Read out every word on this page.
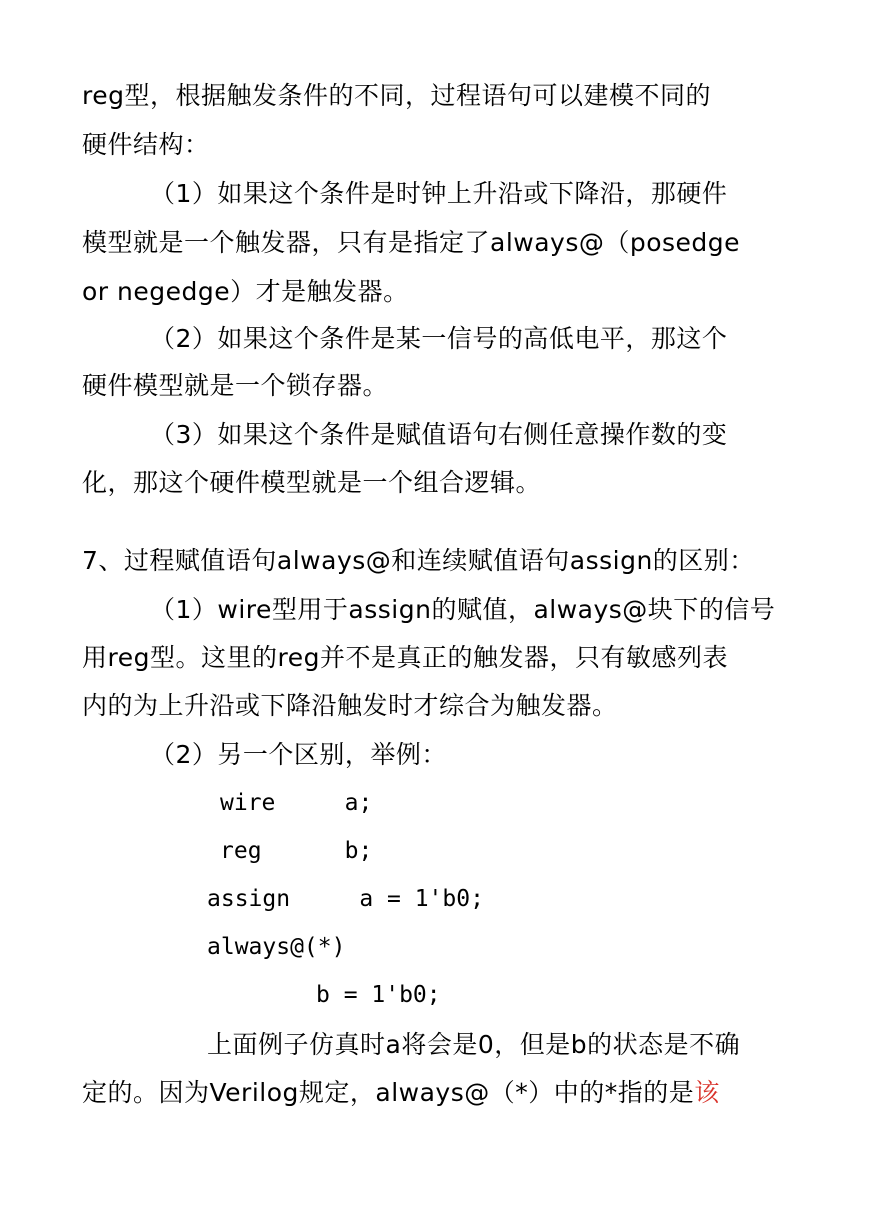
reg型，根据触发条件的不同，过程语句可以建模不同的
硬件结构：
（1）如果这个条件是时钟上升沿或下降沿，那硬件
模型就是一个触发器，只有是指定了always@（posedge
or negedge）才是触发器。
（2）如果这个条件是某一信号的高低电平，那这个
硬件模型就是一个锁存器。
（3）如果这个条件是赋值语句右侧任意操作数的变
化，那这个硬件模型就是一个组合逻辑。
7、过程赋值语句always@和连续赋值语句assign的区别：
（1）wire型用于assign的赋值，always@块下的信号
用reg型。这里的reg并不是真正的触发器，只有敏感列表
内的为上升沿或下降沿触发时才综合为触发器。
（2）另一个区别，举例：
wire     a;
reg      b;
assign     a = 1'b0;
always@(*)
b = 1'b0;
上面例子仿真时a将会是0，但是b的状态是不确
定的。因为Verilog规定，always@（*）中的*指的是该
